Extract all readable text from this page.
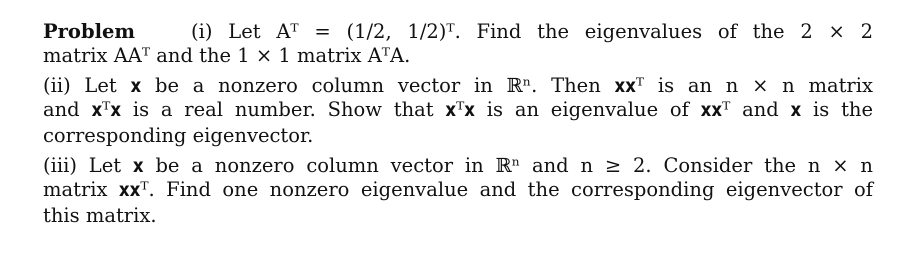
Problem	(i) Let Aᵀ = (1/2, 1/2)ᵀ. Find the eigenvalues of the 2 × 2
matrix AAᵀ and the 1 × 1 matrix AᵀA.
(ii) Let 𝐱 be a nonzero column vector in ℝⁿ. Then 𝐱𝐱ᵀ is an n × n matrix
and 𝐱ᵀ𝐱 is a real number. Show that 𝐱ᵀ𝐱 is an eigenvalue of 𝐱𝐱ᵀ and 𝐱 is the
corresponding eigenvector.
(iii) Let 𝐱 be a nonzero column vector in ℝⁿ and n ≥ 2. Consider the n × n
matrix 𝐱𝐱ᵀ. Find one nonzero eigenvalue and the corresponding eigenvector of
this matrix.
